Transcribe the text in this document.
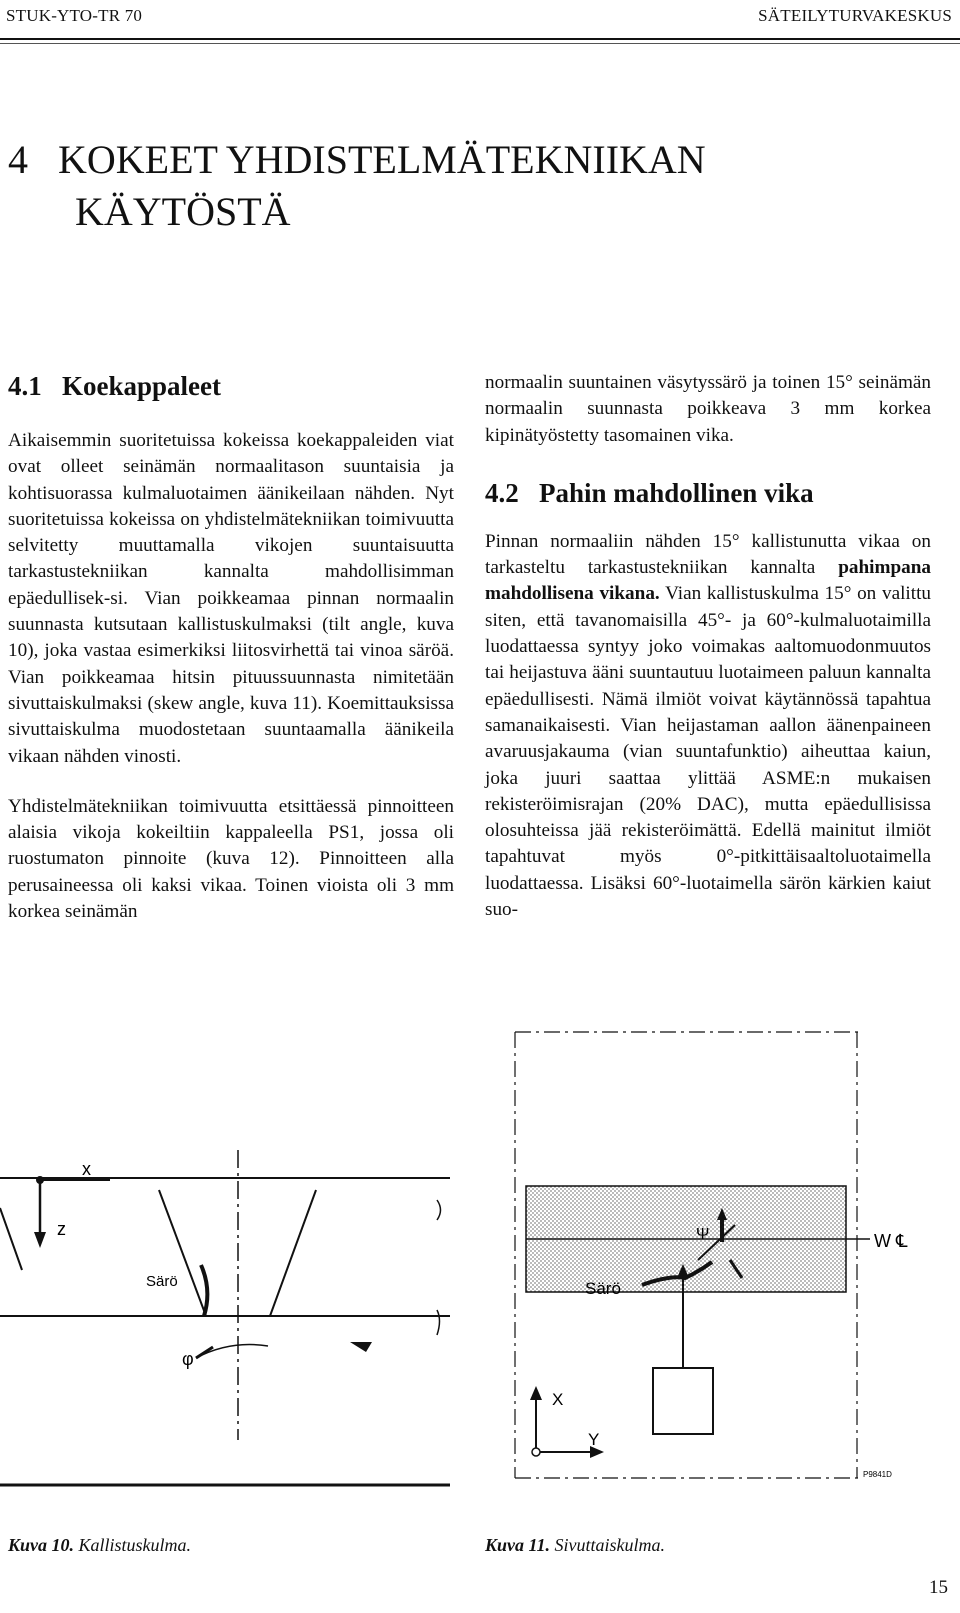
STUK-YTO-TR 70	SÄTEILYTURVAKESKUS
4   KOKEET YHDISTELMÄTEKNIIKAN
KÄYTÖSTÄ
4.1   Koekappaleet

Aikaisemmin suoritetuissa kokeissa koekappaleiden viat ovat olleet seinämän normaalitason suuntaisia ja kohtisuorassa kulmaluotaimen äänikeilaan nähden. Nyt suoritetuissa kokeissa on yhdistelmätekniikan toimivuutta selvitetty muuttamalla vikojen suuntaisuutta tarkastustekniikan kannalta mahdollisimman epäedullisek-si. Vian poikkeamaa pinnan normaalin suunnasta kutsutaan kallistuskulmaksi (tilt angle, kuva 10), joka vastaa esimerkiksi liitosvirhettä tai vinoa säröä. Vian poikkeamaa hitsin pituussuunnasta nimitetään sivuttaiskulmaksi (skew angle, kuva 11). Koemittauksissa sivuttaiskulma muodostetaan suuntaamalla äänikeila vikaan nähden vinosti.

Yhdistelmätekniikan toimivuutta etsittäessä pinnoitteen alaisia vikoja kokeiltiin kappaleella PS1, jossa oli ruostumaton pinnoite (kuva 12). Pinnoitteen alla perusaineessa oli kaksi vikaa. Toinen vioista oli 3 mm korkea seinämän

normaalin suuntainen väsytyssärö ja toinen 15° seinämän normaalin suunnasta poikkeava 3 mm korkea kipinätyöstetty tasomainen vika.

4.2   Pahin mahdollinen vika

Pinnan normaaliin nähden 15° kallistunutta vikaa on tarkasteltu tarkastustekniikan kannalta pahimpana mahdollisena vikana. Vian kallistuskulma 15° on valittu siten, että tavanomaisilla 45°- ja 60°-kulmaluotaimilla luodattaessa syntyy joko voimakas aaltomuodonmuutos tai heijastuva ääni suuntautuu luotaimeen paluun kannalta epäedullisesti. Nämä ilmiöt voivat käytännössä tapahtua samanaikaisesti. Vian heijastaman aallon äänenpaineen avaruusjakauma (vian suuntafunktio) aiheuttaa kaiun, joka juuri saattaa ylittää ASME:n mukaisen rekisteröimisrajan (20% DAC), mutta epäedullisissa olosuhteissa jää rekisteröimättä. Edellä mainitut ilmiöt tapahtuvat myös 0°-pitkittäisaaltoluotaimella luodattaessa. Lisäksi 60°-luotaimella särön kärkien kaiut suo-

x
z
Särö
φ
Ψ
Särö
W ℄
X
Y
P9841D
Kuva 10. Kallistuskulma.	Kuva 11. Sivuttaiskulma.
15
